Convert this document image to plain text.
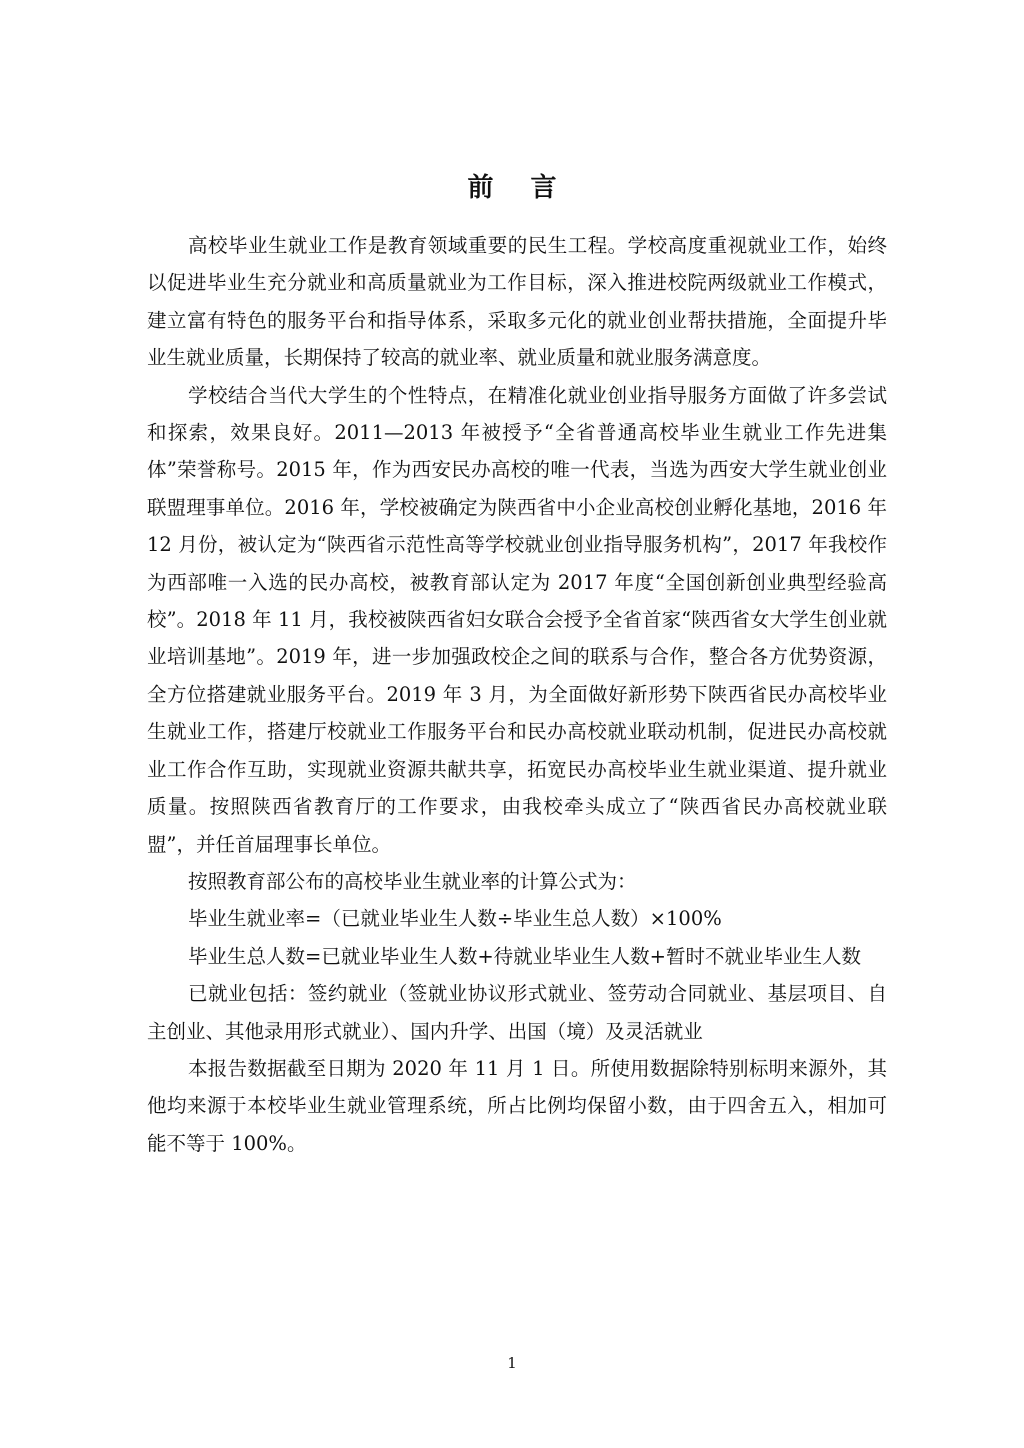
前 言

高校毕业生就业工作是教育领域重要的民生工程。学校高度重视就业工作，始终以促进毕业生充分就业和高质量就业为工作目标，深入推进校院两级就业工作模式，建立富有特色的服务平台和指导体系，采取多元化的就业创业帮扶措施，全面提升毕业生就业质量，长期保持了较高的就业率、就业质量和就业服务满意度。

学校结合当代大学生的个性特点，在精准化就业创业指导服务方面做了许多尝试和探索，效果良好。2011—2013 年被授予“全省普通高校毕业生就业工作先进集体”荣誉称号。2015 年，作为西安民办高校的唯一代表，当选为西安大学生就业创业联盟理事单位。2016 年，学校被确定为陕西省中小企业高校创业孵化基地，2016 年 12 月份，被认定为“陕西省示范性高等学校就业创业指导服务机构”，2017 年我校作为西部唯一入选的民办高校，被教育部认定为 2017 年度“全国创新创业典型经验高校”。2018 年 11 月，我校被陕西省妇女联合会授予全省首家“陕西省女大学生创业就业培训基地”。2019 年，进一步加强政校企之间的联系与合作，整合各方优势资源，全方位搭建就业服务平台。2019 年 3 月，为全面做好新形势下陕西省民办高校毕业生就业工作，搭建厅校就业工作服务平台和民办高校就业联动机制，促进民办高校就业工作合作互助，实现就业资源共献共享，拓宽民办高校毕业生就业渠道、提升就业质量。按照陕西省教育厅的工作要求，由我校牵头成立了“陕西省民办高校就业联盟”，并任首届理事长单位。

按照教育部公布的高校毕业生就业率的计算公式为：

毕业生就业率=（已就业毕业生人数÷毕业生总人数）×100%

毕业生总人数=已就业毕业生人数+待就业毕业生人数+暂时不就业毕业生人数

已就业包括：签约就业（签就业协议形式就业、签劳动合同就业、基层项目、自主创业、其他录用形式就业）、国内升学、出国（境）及灵活就业

本报告数据截至日期为 2020 年 11 月 1 日。所使用数据除特别标明来源外，其他均来源于本校毕业生就业管理系统，所占比例均保留小数，由于四舍五入，相加可能不等于 100%。

1
